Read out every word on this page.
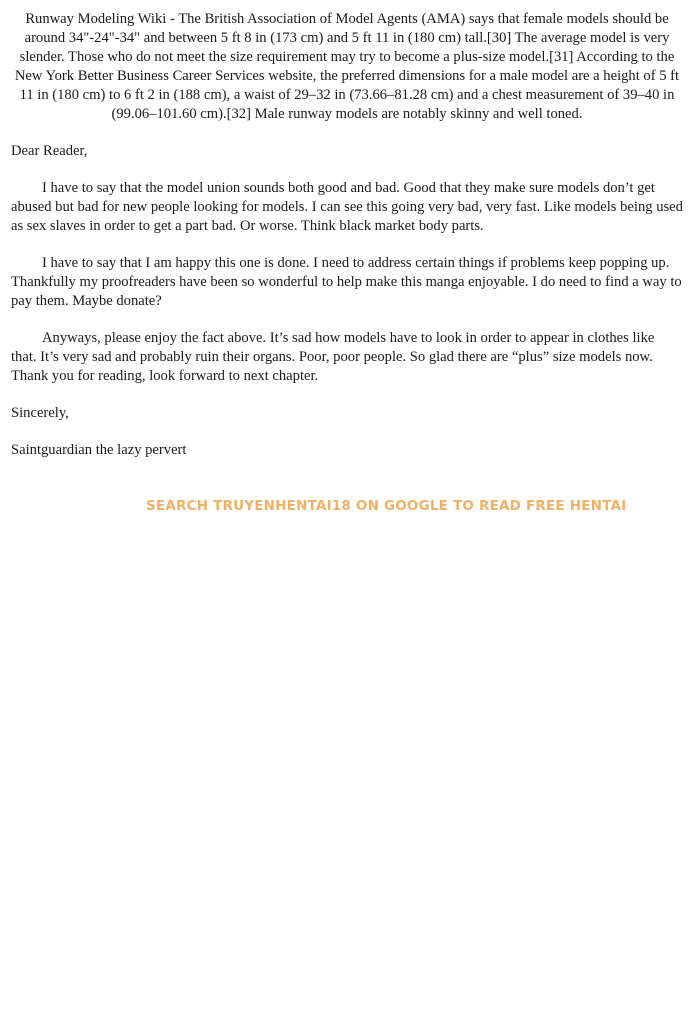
Runway Modeling Wiki - The British Association of Model Agents (AMA) says that female models should be around 34"-24"-34" and between 5 ft 8 in (173 cm) and 5 ft 11 in (180 cm) tall.[30] The average model is very slender. Those who do not meet the size requirement may try to become a plus-size model.[31] According to the New York Better Business Career Services website, the preferred dimensions for a male model are a height of 5 ft 11 in (180 cm) to 6 ft 2 in (188 cm), a waist of 29–32 in (73.66–81.28 cm) and a chest measurement of 39–40 in (99.06–101.60 cm).[32] Male runway models are notably skinny and well toned.

Dear Reader,

I have to say that the model union sounds both good and bad. Good that they make sure models don’t get abused but bad for new people looking for models. I can see this going very bad, very fast. Like models being used as sex slaves in order to get a part bad. Or worse. Think black market body parts.

I have to say that I am happy this one is done. I need to address certain things if problems keep popping up. Thankfully my proofreaders have been so wonderful to help make this manga enjoyable. I do need to find a way to pay them. Maybe donate?

Anyways, please enjoy the fact above. It’s sad how models have to look in order to appear in clothes like that. It’s very sad and probably ruin their organs. Poor, poor people. So glad there are “plus” size models now. Thank you for reading, look forward to next chapter.

Sincerely,

Saintguardian the lazy pervert

SEARCH TRUYENHENTAI18 ON GOOGLE TO READ FREE HENTAI
